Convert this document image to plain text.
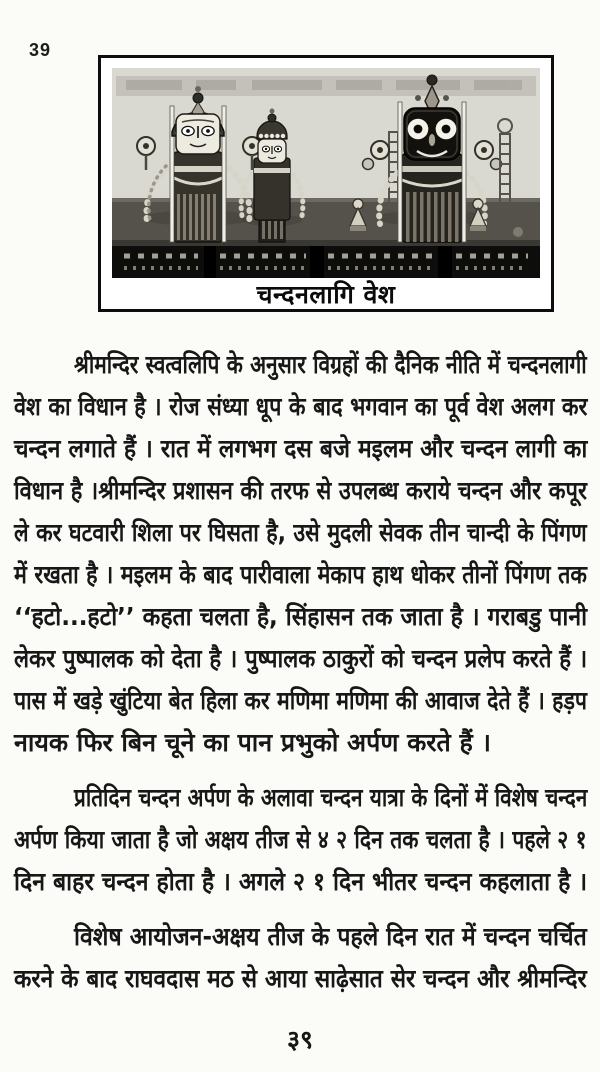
39
चन्दनलागि वेश
श्रीमन्दिर स्वत्वलिपि के अनुसार विग्रहों की दैनिक नीति में चन्दनलागी
वेश का विधान है । रोज संध्या धूप के बाद भगवान का पूर्व वेश अलग कर
चन्दन लगाते हैं । रात में लगभग दस बजे मइलम और चन्दन लागी का
विधान है ।श्रीमन्दिर प्रशासन की तरफ से उपलब्ध कराये चन्दन और कपूर
ले कर घटवारी शिला पर घिसता है, उसे मुदली सेवक तीन चान्दी के पिंगण
में रखता है । मइलम के बाद पारीवाला मेकाप हाथ धोकर तीनों पिंगण तक
‘‘हटो...हटो’’ कहता चलता है, सिंहासन तक जाता है । गराबडु पानी
लेकर पुष्पालक को देता है । पुष्पालक ठाकुरों को चन्दन प्रलेप करते हैं ।
पास में खड़े खुंटिया बेत हिला कर मणिमा मणिमा की आवाज देते हैं । हड़प
नायक फिर बिन चूने का पान प्रभुको अर्पण करते हैं ।
प्रतिदिन चन्दन अर्पण के अलावा चन्दन यात्रा के दिनों में विशेष चन्दन
अर्पण किया जाता है जो अक्षय तीज से ४ २ दिन तक चलता है । पहले २ १
दिन बाहर चन्दन होता है । अगले २ १ दिन भीतर चन्दन कहलाता है ।
विशेष आयोजन-अक्षय तीज के पहले दिन रात में चन्दन चर्चित
करने के बाद राघवदास मठ से आया साढ़ेसात सेर चन्दन और श्रीमन्दिर
३९
